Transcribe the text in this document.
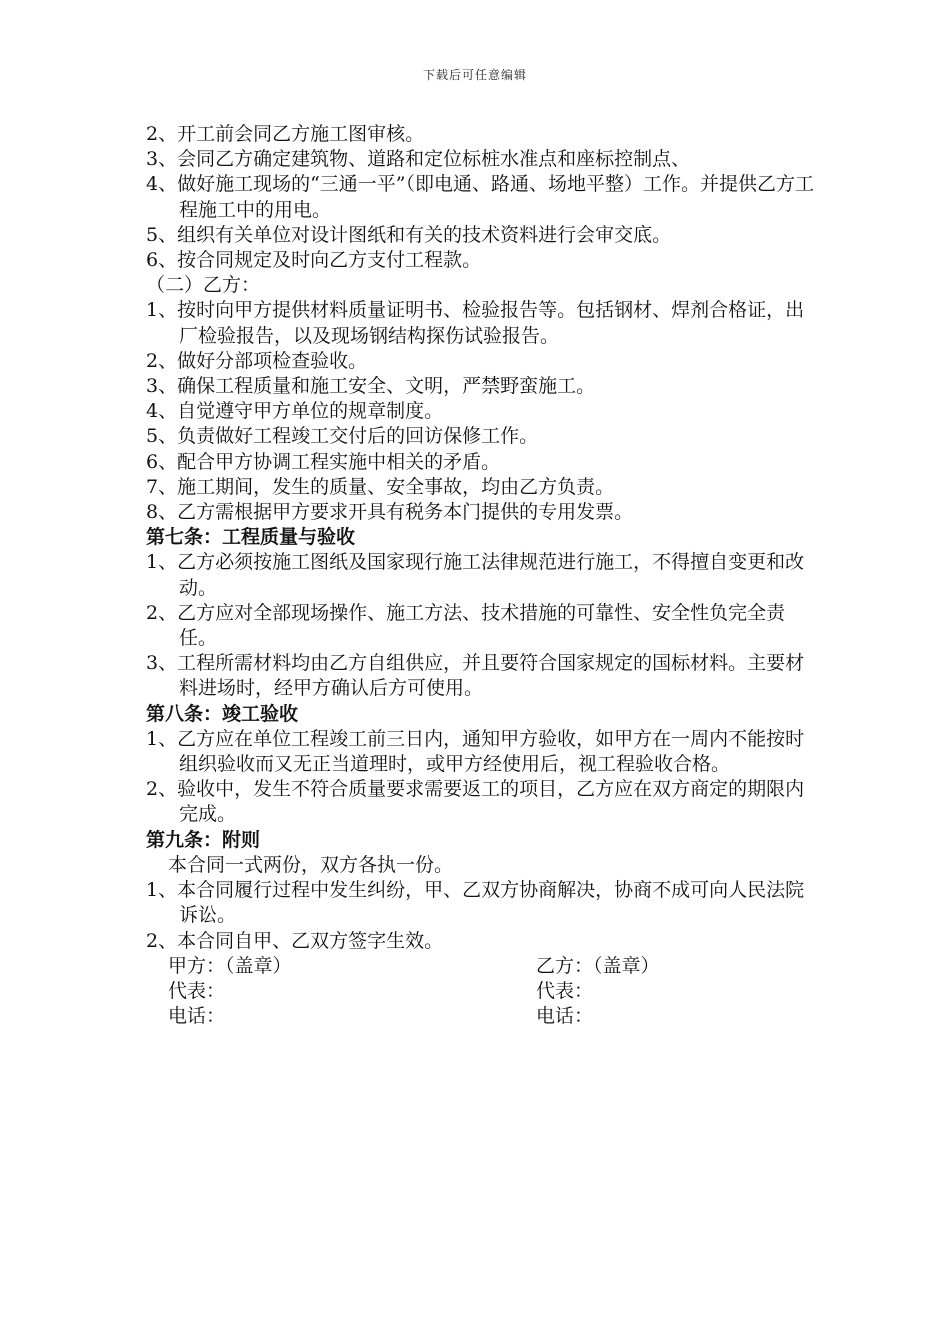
下载后可任意编辑
2、开工前会同乙方施工图审核。
3、会同乙方确定建筑物、道路和定位标桩水准点和座标控制点、
4、做好施工现场的“三通一平”（即电通、路通、场地平整）工作。并提供乙方工程施工中的用电。
5、组织有关单位对设计图纸和有关的技术资料进行会审交底。
6、按合同规定及时向乙方支付工程款。
（二）乙方：
1、按时向甲方提供材料质量证明书、检验报告等。包括钢材、焊剂合格证，出厂检验报告，以及现场钢结构探伤试验报告。
2、做好分部项检查验收。
3、确保工程质量和施工安全、文明，严禁野蛮施工。
4、自觉遵守甲方单位的规章制度。
5、负责做好工程竣工交付后的回访保修工作。
6、配合甲方协调工程实施中相关的矛盾。
7、施工期间，发生的质量、安全事故，均由乙方负责。
8、乙方需根据甲方要求开具有税务本门提供的专用发票。
第七条：工程质量与验收
1、乙方必须按施工图纸及国家现行施工法律规范进行施工，不得擅自变更和改动。
2、乙方应对全部现场操作、施工方法、技术措施的可靠性、安全性负完全责任。
3、工程所需材料均由乙方自组供应，并且要符合国家规定的国标材料。主要材料进场时，经甲方确认后方可使用。
第八条：竣工验收
1、乙方应在单位工程竣工前三日内，通知甲方验收，如甲方在一周内不能按时组织验收而又无正当道理时，或甲方经使用后，视工程验收合格。
2、验收中，发生不符合质量要求需要返工的项目，乙方应在双方商定的期限内完成。
第九条：附则
本合同一式两份，双方各执一份。
1、本合同履行过程中发生纠纷，甲、乙双方协商解决，协商不成可向人民法院诉讼。
2、本合同自甲、乙双方签字生效。
甲方：（盖章）	乙方：（盖章）
代表：	代表：
电话：	电话：
